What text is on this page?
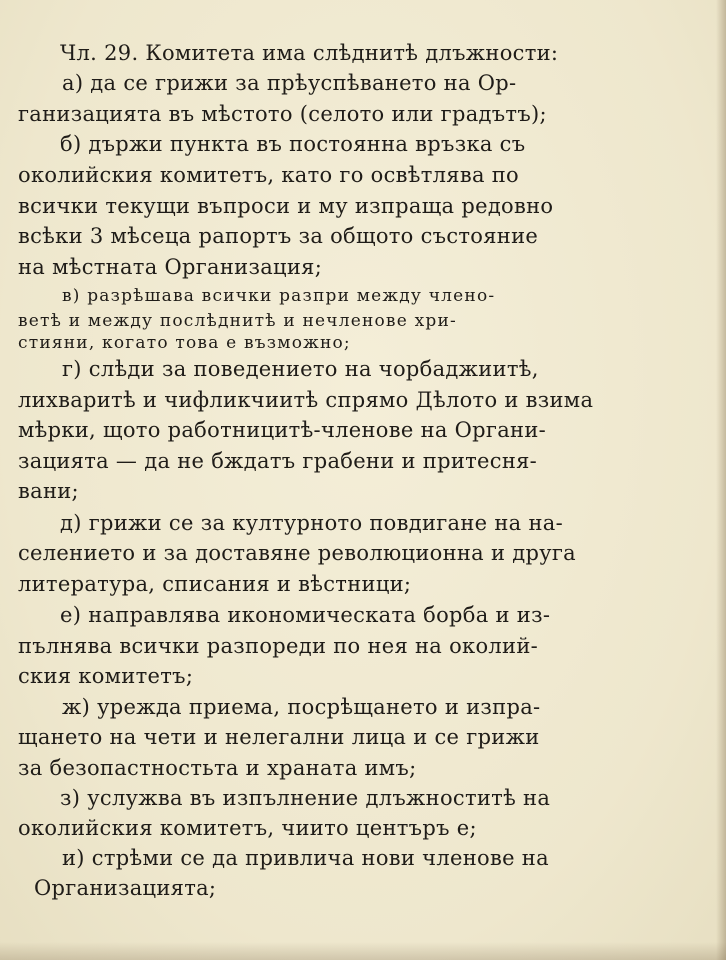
Чл. 29. Комитета има слѣднитѣ длъжности:
а) да се грижи за прѣуспѣването на Ор-
ганизацията въ мѣстото (селото или градътъ);
б) държи пункта въ постоянна връзка съ
околийския комитетъ, като го освѣтлява по
всички текущи въпроси и му изпраща редовно
всѣки 3 мѣсеца рапортъ за общото състояние
на мѣстната Организация;
в) разрѣшава всички разпри между члено-
ветѣ и между послѣднитѣ и нечленове хри-
стияни, когато това е възможно;
г) слѣди за поведението на чорбаджиитѣ,
лихваритѣ и чифликчиитѣ спрямо Дѣлото и взима
мѣрки, щото работницитѣ-членове на Органи-
зацията — да не бждатъ грабени и притесня-
вани;
д) грижи се за културното повдигане на на-
селението и за доставяне революционна и друга
литература, списания и вѣстници;
е) направлява икономическата борба и из-
пълнява всички разпореди по нея на околий-
ския комитетъ;
ж) урежда приема, посрѣщането и изпра-
щането на чети и нелегални лица и се грижи
за безопастностьта и храната имъ;
з) услужва въ изпълнение длъжноститѣ на
околийския комитетъ, чиито центъръ е;
и) стрѣми се да привлича нови членове на
Организацията;
